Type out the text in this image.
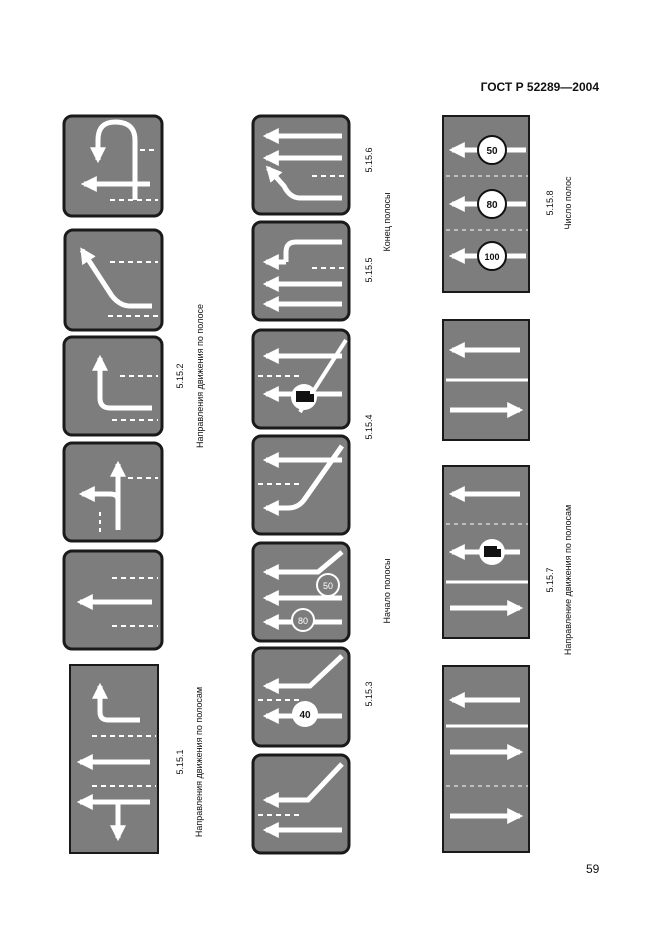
ГОСТ Р 52289—2004
59
50
80
100
40
80
50
5.15.1 Направления движения по полосам
5.15.2 Направления движения по полосе
5.15.6
Конец полосы
5.15.5
5.15.4
Начало полосы
5.15.3
5.15.8 Число полос
5.15.7 Направление движения по полосам
